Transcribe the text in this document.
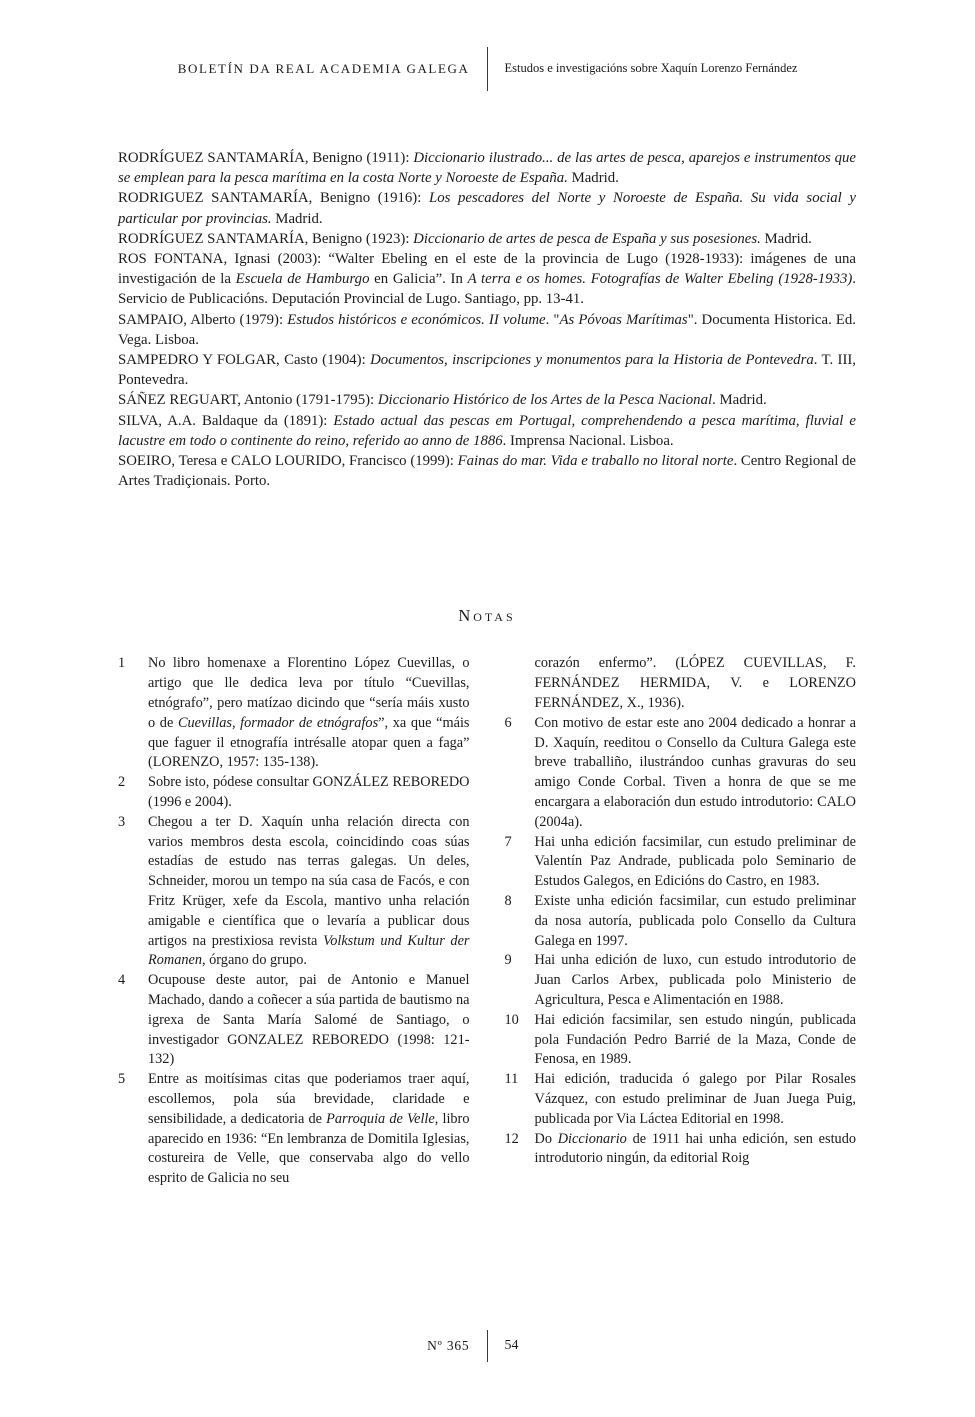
BOLETÍN DA REAL ACADEMIA GALEGA	Estudos e investigacións sobre Xaquín Lorenzo Fernández

RODRÍGUEZ SANTAMARÍA, Benigno (1911): Diccionario ilustrado... de las artes de pesca, aparejos e instrumentos que se emplean para la pesca marítima en la costa Norte y Noroeste de España. Madrid.

RODRIGUEZ SANTAMARÍA, Benigno (1916): Los pescadores del Norte y Noroeste de España. Su vida social y particular por provincias. Madrid.

RODRÍGUEZ SANTAMARÍA, Benigno (1923): Diccionario de artes de pesca de España y sus posesiones. Madrid.

ROS FONTANA, Ignasi (2003): “Walter Ebeling en el este de la provincia de Lugo (1928-1933): imágenes de una investigación de la Escuela de Hamburgo en Galicia”. In A terra e os homes. Fotografías de Walter Ebeling (1928-1933). Servicio de Publicacións. Deputación Provincial de Lugo. Santiago, pp. 13-41.

SAMPAIO, Alberto (1979): Estudos históricos e económicos. II volume. "As Póvoas Marítimas". Documenta Historica. Ed. Vega. Lisboa.

SAMPEDRO Y FOLGAR, Casto (1904): Documentos, inscripciones y monumentos para la Historia de Pontevedra. T. III, Pontevedra.

SÁÑEZ REGUART, Antonio (1791-1795): Diccionario Histórico de los Artes de la Pesca Nacional. Madrid.

SILVA, A.A. Baldaque da (1891): Estado actual das pescas em Portugal, comprehendendo a pesca marítima, fluvial e lacustre em todo o continente do reino, referido ao anno de 1886. Imprensa Nacional. Lisboa.

SOEIRO, Teresa e CALO LOURIDO, Francisco (1999): Fainas do mar. Vida e traballo no litoral norte. Centro Regional de Artes Tradiçionais. Porto.

Notas
1 No libro homenaxe a Florentino López Cuevillas, o artigo que lle dedica leva por título “Cuevillas, etnógrafo”, pero matízao dicindo que “sería máis xusto o de Cuevillas, formador de etnógrafos”, xa que “máis que faguer il etnografía intrésalle atopar quen a faga” (LORENZO, 1957: 135-138).
2 Sobre isto, pódese consultar GONZÁLEZ REBOREDO (1996 e 2004).
3 Chegou a ter D. Xaquín unha relación directa con varios membros desta escola, coincidindo coas súas estadías de estudo nas terras galegas. Un deles, Schneider, morou un tempo na súa casa de Facós, e con Fritz Krüger, xefe da Escola, mantivo unha relación amigable e científica que o levaría a publicar dous artigos na prestixiosa revista Volkstum und Kultur der Romanen, órgano do grupo.
4 Ocupouse deste autor, pai de Antonio e Manuel Machado, dando a coñecer a súa partida de bautismo na igrexa de Santa María Salomé de Santiago, o investigador GONZALEZ REBOREDO (1998: 121-132)
5 Entre as moitísimas citas que poderiamos traer aquí, escollemos, pola súa brevidade, claridade e sensibilidade, a dedicatoria de Parroquia de Velle, libro aparecido en 1936: “En lembranza de Domitila Iglesias, costureira de Velle, que conservaba algo do vello esprito de Galicia no seu
corazón enfermo”. (LÓPEZ CUEVILLAS, F. FERNÁNDEZ HERMIDA, V. e LORENZO FERNÁNDEZ, X., 1936).
6 Con motivo de estar este ano 2004 dedicado a honrar a D. Xaquín, reeditou o Consello da Cultura Galega este breve traballiño, ilustrándoo cunhas gravuras do seu amigo Conde Corbal. Tiven a honra de que se me encargara a elaboración dun estudo introdutorio: CALO (2004a).
7 Hai unha edición facsimilar, cun estudo preliminar de Valentín Paz Andrade, publicada polo Seminario de Estudos Galegos, en Edicións do Castro, en 1983.
8 Existe unha edición facsimilar, cun estudo preliminar da nosa autoría, publicada polo Consello da Cultura Galega en 1997.
9 Hai unha edición de luxo, cun estudo introdutorio de Juan Carlos Arbex, publicada polo Ministerio de Agricultura, Pesca e Alimentación en 1988.
10 Hai edición facsimilar, sen estudo ningún, publicada pola Fundación Pedro Barrié de la Maza, Conde de Fenosa, en 1989.
11 Hai edición, traducida ó galego por Pilar Rosales Vázquez, con estudo preliminar de Juan Juega Puig, publicada por Via Láctea Editorial en 1998.
12 Do Diccionario de 1911 hai unha edición, sen estudo introdutorio ningún, da editorial Roig
Nº 365	54
